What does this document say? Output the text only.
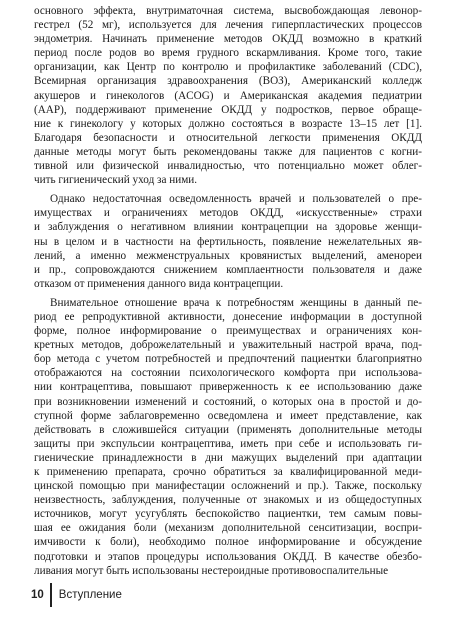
основного эффекта, внутриматочная система, высвобождающая левонор-
гестрел (52 мг), используется для лечения гиперпластических процессов
эндометрия. Начинать применение методов ОКДД возможно в краткий
период после родов во время грудного вскармливания. Кроме того, такие
организации, как Центр по контролю и профилактике заболеваний (CDC),
Всемирная организация здравоохранения (ВОЗ), Американский колледж
акушеров и гинекологов (ACOG) и Американская академия педиатрии
(AAP), поддерживают применение ОКДД у подростков, первое обраще-
ние к гинекологу у которых должно состояться в возрасте 13–15 лет [1].
Благодаря безопасности и относительной легкости применения ОКДД
данные методы могут быть рекомендованы также для пациентов с когни-
тивной или физической инвалидностью, что потенциально может облег-
чить гигиенический уход за ними.

Однако недостаточная осведомленность врачей и пользователей о пре-
имуществах и ограничениях методов ОКДД, «искусственные» страхи
и заблуждения о негативном влиянии контрацепции на здоровье женщи-
ны в целом и в частности на фертильность, появление нежелательных яв-
лений, а именно межменструальных кровянистых выделений, аменореи
и пр., сопровождаются снижением комплаентности пользователя и даже
отказом от применения данного вида контрацепции.

Внимательное отношение врача к потребностям женщины в данный пе-
риод ее репродуктивной активности, донесение информации в доступной
форме, полное информирование о преимуществах и ограничениях кон-
кретных методов, доброжелательный и уважительный настрой врача, под-
бор метода с учетом потребностей и предпочтений пациентки благоприятно
отображаются на состоянии психологического комфорта при использова-
нии контрацептива, повышают приверженность к ее использованию даже
при возникновении изменений и состояний, о которых она в простой и до-
ступной форме заблаговременно осведомлена и имеет представление, как
действовать в сложившейся ситуации (применять дополнительные методы
защиты при экспульсии контрацептива, иметь при себе и использовать ги-
гиенические принадлежности в дни мажущих выделений при адаптации
к применению препарата, срочно обратиться за квалифицированной меди-
цинской помощью при манифестации осложнений и пр.). Также, поскольку
неизвестность, заблуждения, полученные от знакомых и из общедоступных
источников, могут усугублять беспокойство пациентки, тем самым повы-
шая ее ожидания боли (механизм дополнительной сенситизации, воспри-
имчивости к боли), необходимо полное информирование и обсуждение
подготовки и этапов процедуры использования ОКДД. В качестве обезбо-
ливания могут быть использованы нестероидные противовоспалительные

10 Вступление
